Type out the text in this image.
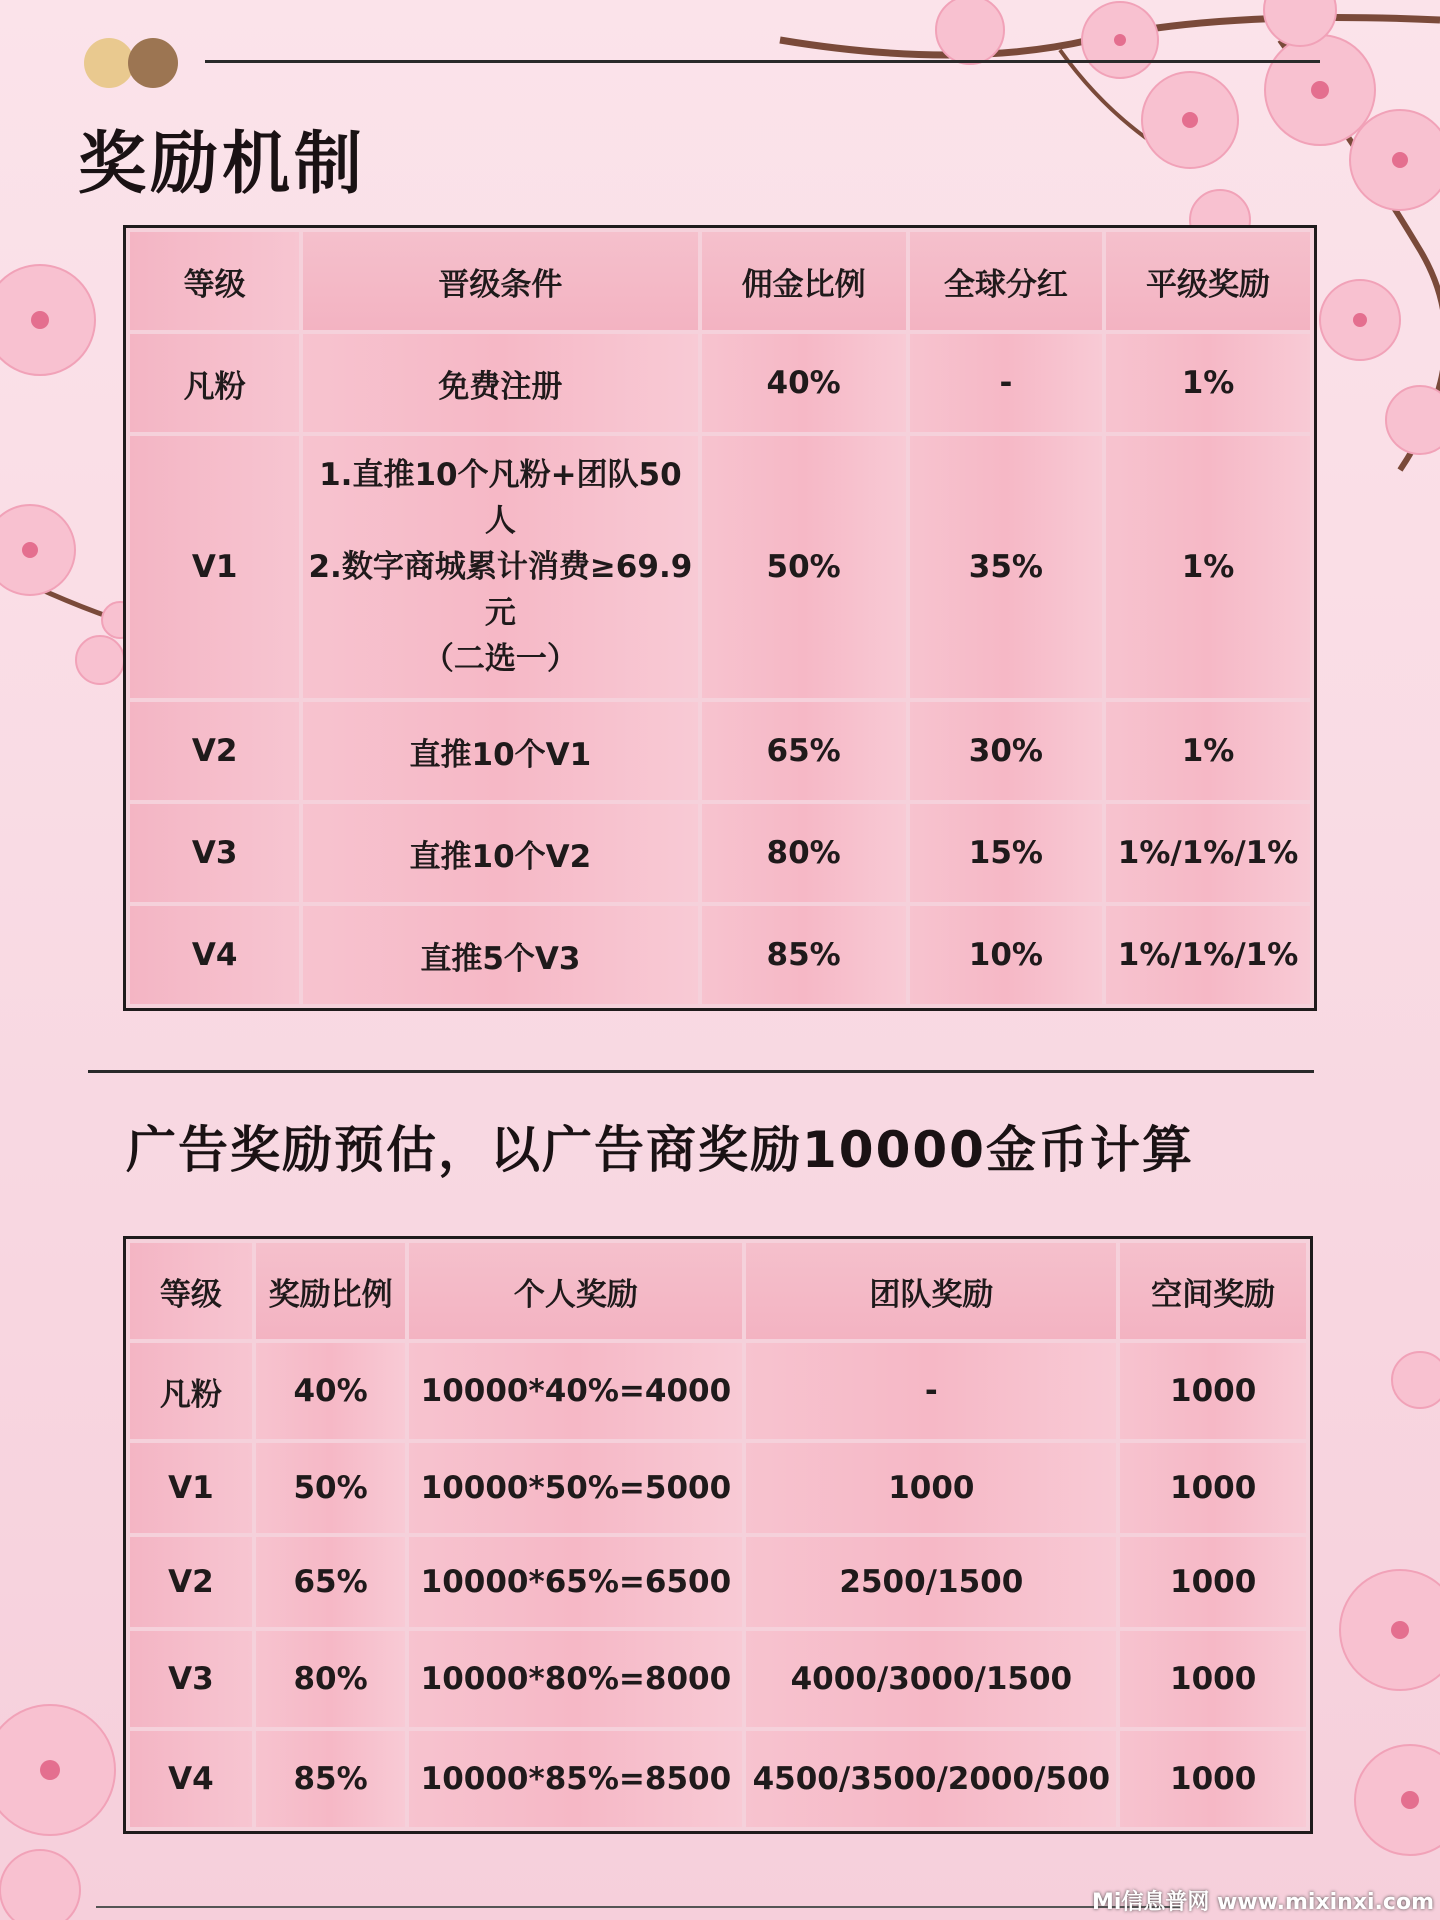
奖励机制
等级	晋级条件	佣金比例	全球分红	平级奖励
凡粉	免费注册	40%	-	1%
V1	1.直推10个凡粉+团队50人
2.数字商城累计消费≥69.9元
（二选一）	50%	35%	1%
V2	直推10个V1	65%	30%	1%
V3	直推10个V2	80%	15%	1%/1%/1%
V4	直推5个V3	85%	10%	1%/1%/1%
广告奖励预估，以广告商奖励10000金币计算
等级	奖励比例	个人奖励	团队奖励	空间奖励
凡粉	40%	10000*40%=4000	-	1000
V1	50%	10000*50%=5000	1000	1000
V2	65%	10000*65%=6500	2500/1500	1000
V3	80%	10000*80%=8000	4000/3000/1500	1000
V4	85%	10000*85%=8500	4500/3500/2000/500	1000
Mi信息普网 www.mixinxi.com
